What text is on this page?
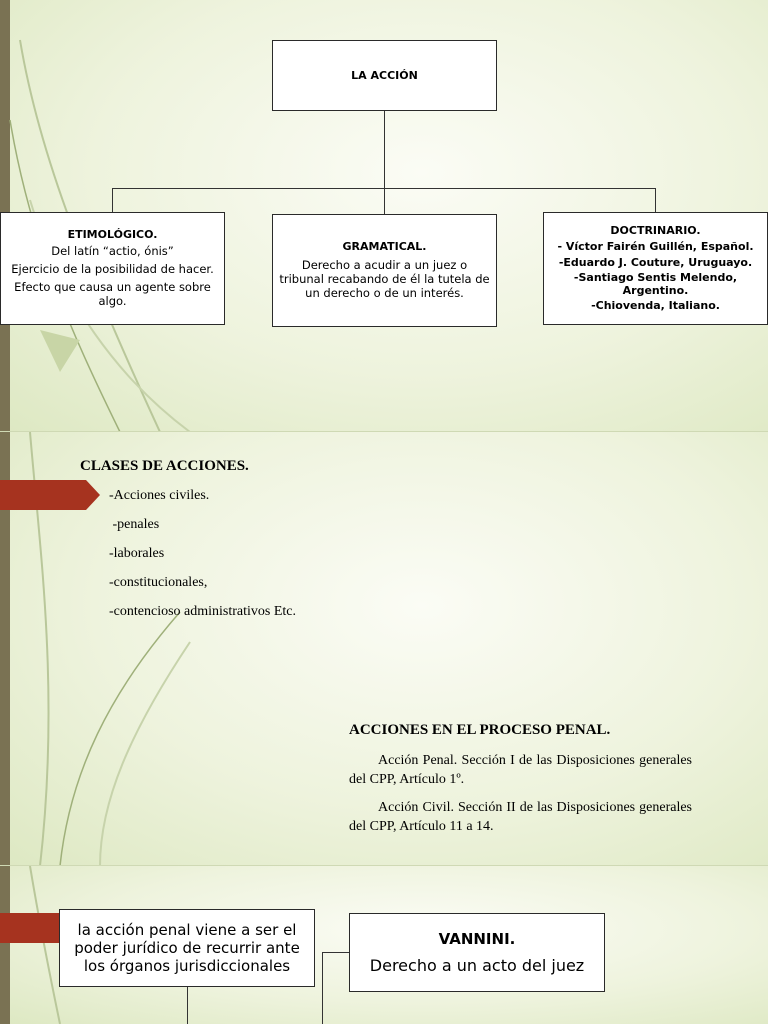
LA ACCIÓN
ETIMOLÓGICO.
Del latín “actio, ónis”
Ejercicio de la posibilidad de hacer.
Efecto que causa un agente sobre algo.
GRAMATICAL.
Derecho a acudir a un juez o tribunal recabando de él la tutela de un derecho o de un interés.
DOCTRINARIO.
- Víctor Fairén Guillén, Español.
-Eduardo J. Couture, Uruguayo.
-Santiago Sentis Melendo, Argentino.
-Chiovenda, Italiano.
CLASES DE ACCIONES.
-Acciones civiles.
-penales
-laborales
-constitucionales,
-contencioso administrativos Etc.
ACCIONES EN EL PROCESO PENAL.
Acción Penal. Sección I de las Disposiciones generales del CPP, Artículo 1º.
Acción Civil. Sección II de las Disposiciones generales del CPP, Artículo 11 a 14.
la acción penal viene a ser el poder jurídico de recurrir ante los órganos jurisdiccionales
VANNINI.
Derecho a un acto del juez
